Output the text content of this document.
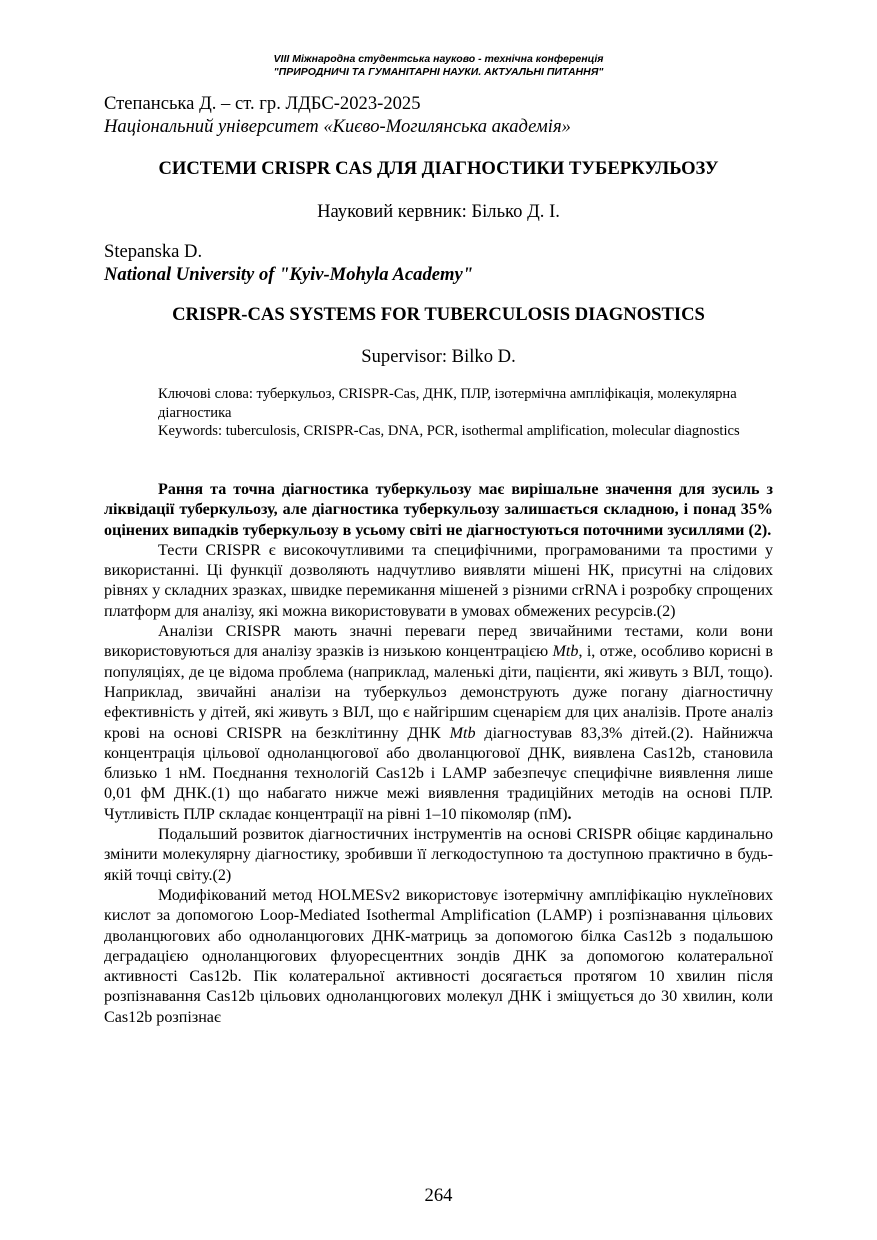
VIII Міжнародна студентська науково - технічна конференція
"ПРИРОДНИЧІ ТА ГУМАНІТАРНІ НАУКИ. АКТУАЛЬНІ ПИТАННЯ"
Степанська Д. – ст. гр. ЛДБС-2023-2025
Національний університет «Києво-Могилянська академія»
СИСТЕМИ CRISPR CAS ДЛЯ ДІАГНОСТИКИ ТУБЕРКУЛЬОЗУ
Науковий кервник: Білько Д. І.
Stepanska D.
National University of "Kyiv-Mohyla Academy"
CRISPR-CAS SYSTEMS FOR TUBERCULOSIS DIAGNOSTICS
Supervisor: Bilko D.
Ключові слова: туберкульоз, CRISPR-Cas, ДНК, ПЛР, ізотермічна ампліфікація, молекулярна діагностика
Keywords: tuberculosis, CRISPR-Cas, DNA, PCR, isothermal amplification, molecular diagnostics

Рання та точна діагностика туберкульозу має вирішальне значення для зусиль з ліквідації туберкульозу, але діагностика туберкульозу залишається складною, і понад 35% оцінених випадків туберкульозу в усьому світі не діагностуються поточними зусиллями (2).

Тести CRISPR є високочутливими та специфічними, програмованими та простими у використанні. Ці функції дозволяють надчутливо виявляти мішені НК, присутні на слідових рівнях у складних зразках, швидке перемикання мішеней з різними crRNA і розробку спрощених платформ для аналізу, які можна використовувати в умовах обмежених ресурсів.(2)

Аналізи CRISPR мають значні переваги перед звичайними тестами, коли вони використовуються для аналізу зразків із низькою концентрацією Mtb, і, отже, особливо корисні в популяціях, де це відома проблема (наприклад, маленькі діти, пацієнти, які живуть з ВІЛ, тощо). Наприклад, звичайні аналізи на туберкульоз демонструють дуже погану діагностичну ефективність у дітей, які живуть з ВІЛ, що є найгіршим сценарієм для цих аналізів. Проте аналіз крові на основі CRISPR на безклітинну ДНК Mtb діагностував 83,3% дітей.(2). Найнижча концентрація цільової одноланцюгової або дволанцюгової ДНК, виявлена Cas12b, становила близько 1 нМ. Поєднання технологій Cas12b і LAMP забезпечує специфічне виявлення лише 0,01 фМ ДНК.(1) що набагато нижче межі виявлення традиційних методів на основі ПЛР. Чутливість ПЛР складає концентрації на рівні 1–10 пікомоляр (пМ).

Подальший розвиток діагностичних інструментів на основі CRISPR обіцяє кардинально змінити молекулярну діагностику, зробивши її легкодоступною та доступною практично в будь-якій точці світу.(2)

Модифікований метод HOLMESv2 використовує ізотермічну ампліфікацію нуклеїнових кислот за допомогою Loop-Mediated Isothermal Amplification (LAMP) і розпізнавання цільових дволанцюгових або одноланцюгових ДНК-матриць за допомогою білка Cas12b з подальшою деградацією одноланцюгових флуоресцентних зондів ДНК за допомогою колатеральної активності Cas12b. Пік колатеральної активності досягається протягом 10 хвилин після розпізнавання Cas12b цільових одноланцюгових молекул ДНК і зміщується до 30 хвилин, коли Cas12b розпізнає

264
